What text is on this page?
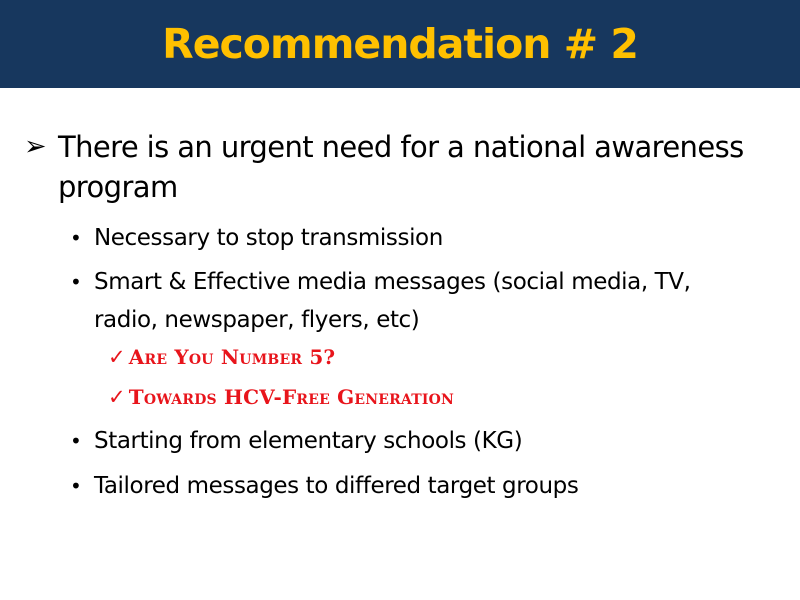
Recommendation # 2
➢ There is an urgent need for a national awareness
program
• Necessary to stop transmission
• Smart & Effective media messages (social media, TV,
radio, newspaper, flyers, etc)
✓ Are You Number 5?
✓ Towards HCV-Free Generation
• Starting from elementary schools (KG)
• Tailored messages to differed target groups
